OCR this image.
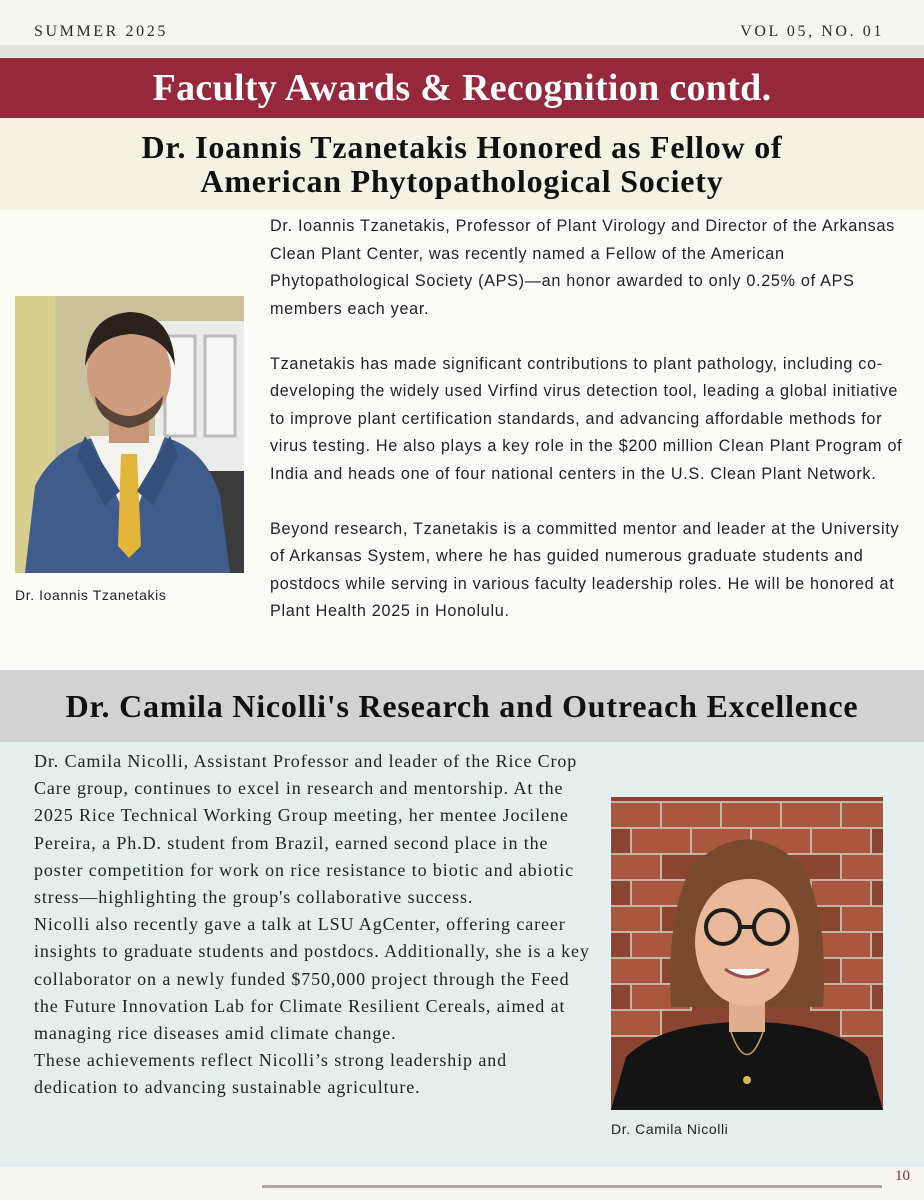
SUMMER 2025	VOL 05, NO. 01
Faculty Awards & Recognition contd.
Dr. Ioannis Tzanetakis Honored as Fellow of
American Phytopathological Society
Dr. Ioannis Tzanetakis

Dr. Ioannis Tzanetakis, Professor of Plant Virology and Director of the Arkansas Clean Plant Center, was recently named a Fellow of the American Phytopathological Society (APS)—an honor awarded to only 0.25% of APS members each year.

Tzanetakis has made significant contributions to plant pathology, including co-developing the widely used Virfind virus detection tool, leading a global initiative to improve plant certification standards, and advancing affordable methods for virus testing. He also plays a key role in the $200 million Clean Plant Program of India and heads one of four national centers in the U.S. Clean Plant Network.

Beyond research, Tzanetakis is a committed mentor and leader at the University of Arkansas System, where he has guided numerous graduate students and postdocs while serving in various faculty leadership roles. He will be honored at Plant Health 2025 in Honolulu.

Dr. Camila Nicolli's Research and Outreach Excellence

Dr. Camila Nicolli, Assistant Professor and leader of the Rice Crop Care group, continues to excel in research and mentorship. At the 2025 Rice Technical Working Group meeting, her mentee Jocilene Pereira, a Ph.D. student from Brazil, earned second place in the poster competition for work on rice resistance to biotic and abiotic stress—highlighting the group's collaborative success.

Nicolli also recently gave a talk at LSU AgCenter, offering career insights to graduate students and postdocs. Additionally, she is a key collaborator on a newly funded $750,000 project through the Feed the Future Innovation Lab for Climate Resilient Cereals, aimed at managing rice diseases amid climate change.

These achievements reflect Nicolli’s strong leadership and dedication to advancing sustainable agriculture.

Dr. Camila Nicolli
10
